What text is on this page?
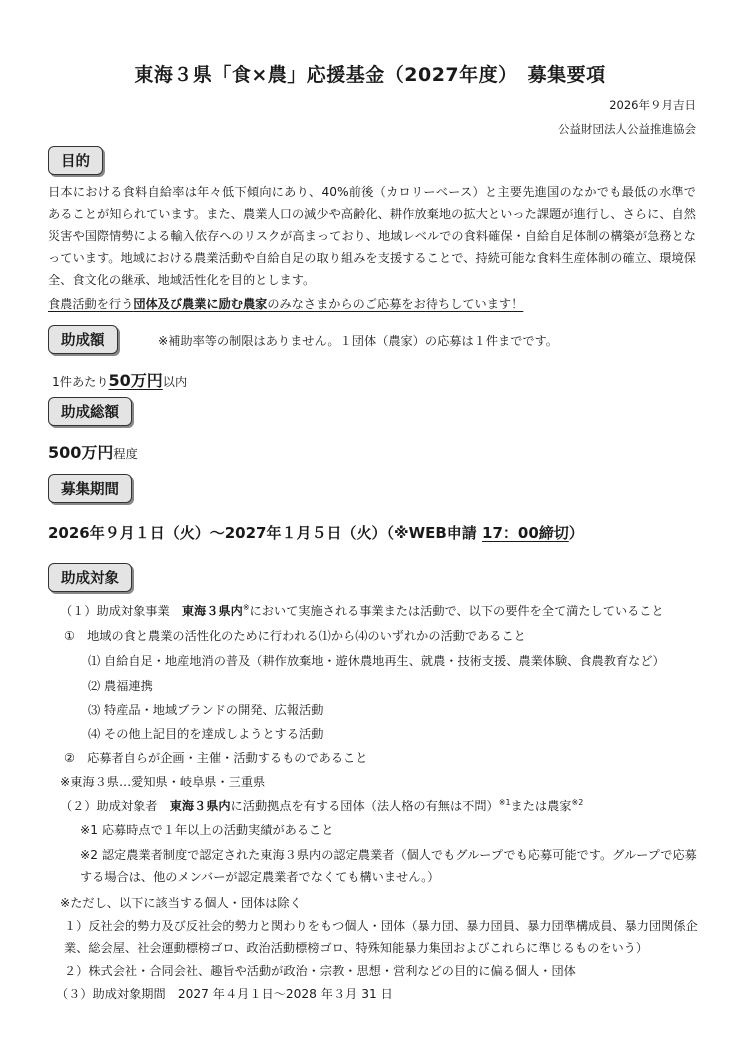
東海３県「食×農」応援基金（2027年度）　募集要項
2026年９月吉日
公益財団法人公益推進協会
目的
日本における食料自給率は年々低下傾向にあり、40%前後（カロリーベース）と主要先進国のなかでも最低の水準であることが知られています。また、農業人口の減少や高齢化、耕作放棄地の拡大といった課題が進行し、さらに、自然災害や国際情勢による輸入依存へのリスクが高まっており、地域レベルでの食料確保・自給自足体制の構築が急務となっています。地域における農業活動や自給自足の取り組みを支援することで、持続可能な食料生産体制の確立、環境保全、食文化の継承、地域活性化を目的とします。
食農活動を行う団体及び農業に励む農家のみなさまからのご応募をお待ちしています！
助成額	※補助率等の制限はありません。１団体（農家）の応募は１件までです。
1件あたり50万円以内
助成総額
500万円程度
募集期間
2026年９月１日（火）～2027年１月５日（火）（※WEB申請 17：00締切）
助成対象
（１）助成対象事業　 東海３県内※において実施される事業または活動で、以下の要件を全て満たしていること
①　地域の食と農業の活性化のために行われる⑴から⑷のいずれかの活動であること
⑴ 自給自足・地産地消の普及（耕作放棄地・遊休農地再生、就農・技術支援、農業体験、食農教育など）
⑵ 農福連携
⑶ 特産品・地域ブランドの開発、広報活動
⑷ その他上記目的を達成しようとする活動
②　応募者自らが企画・主催・活動するものであること
※東海３県…愛知県・岐阜県・三重県
（２）助成対象者　 東海３県内に活動拠点を有する団体（法人格の有無は不問）$^{※1}$または農家$^{※2}$
※1 応募時点で１年以上の活動実績があること
※2 認定農業者制度で認定された東海３県内の認定農業者（個人でもグループでも応募可能です。グループで応募する場合は、他のメンバーが認定農業者でなくても構いません。）
※ただし、以下に該当する個人・団体は除く
１）反社会的勢力及び反社会的勢力と関わりをもつ個人・団体（暴力団、暴力団員、暴力団準構成員、暴力団関係企業、総会屋、社会運動標榜ゴロ、政治活動標榜ゴロ、特殊知能暴力集団およびこれらに準じるものをいう）
２）株式会社・合同会社、趣旨や活動が政治・宗教・思想・営利などの目的に偏る個人・団体
（３）助成対象期間　2027 年４月１日～2028 年３月 31 日
